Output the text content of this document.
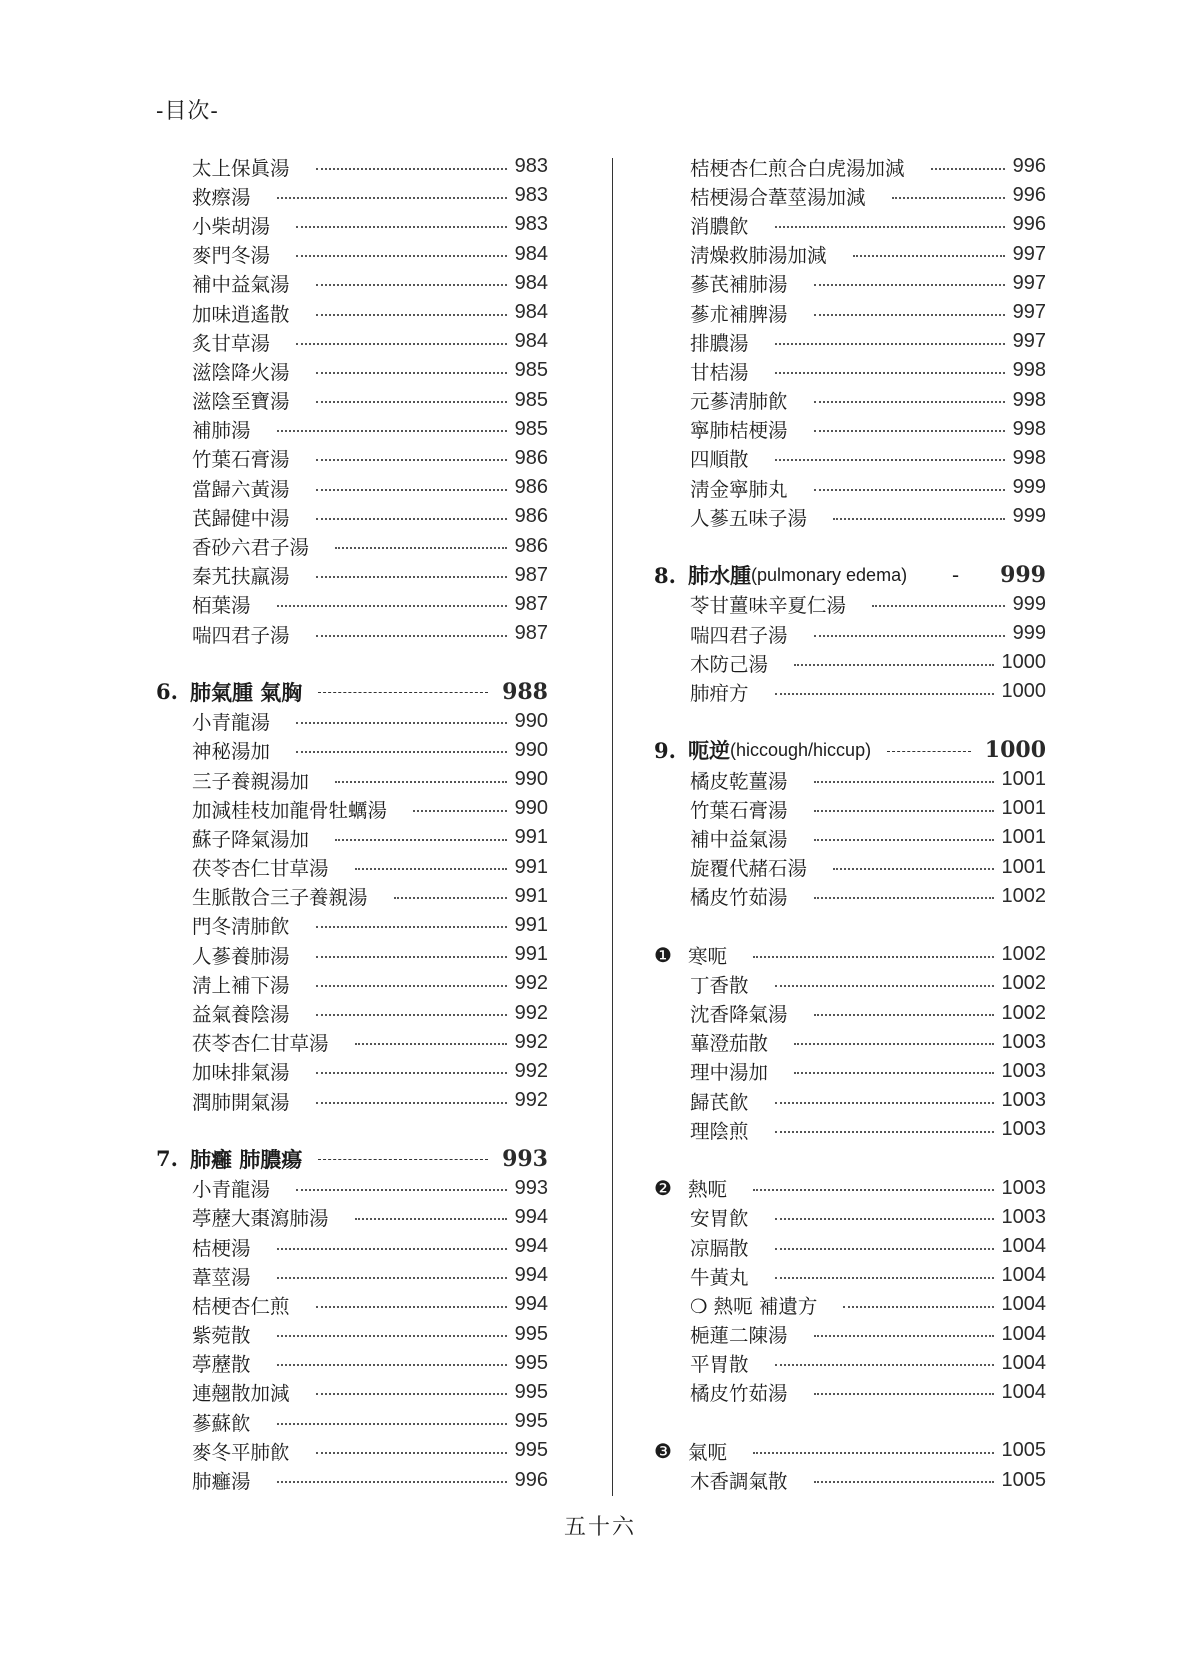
-目次-
太上保眞湯	983
救瘵湯	983
小柴胡湯	983
麥門冬湯	984
補中益氣湯	984
加味逍遙散	984
炙甘草湯	984
滋陰降火湯	985
滋陰至寶湯	985
補肺湯	985
竹葉石膏湯	986
當歸六黃湯	986
芪歸健中湯	986
香砂六君子湯	986
秦艽扶羸湯	987
栢葉湯	987
喘四君子湯	987
6. 肺氣腫 氣胸	988
小青龍湯	990
神秘湯加	990
三子養親湯加	990
加減桂枝加龍骨牡蠣湯	990
蘇子降氣湯加	991
茯苓杏仁甘草湯	991
生脈散合三子養親湯	991
門冬淸肺飮	991
人蔘養肺湯	991
淸上補下湯	992
益氣養陰湯	992
茯苓杏仁甘草湯	992
加味排氣湯	992
潤肺開氣湯	992
7. 肺癰 肺膿瘍	993
小青龍湯	993
葶藶大棗瀉肺湯	994
桔梗湯	994
葦莖湯	994
桔梗杏仁煎	994
紫菀散	995
葶藶散	995
連翹散加減	995
蔘蘇飮	995
麥冬平肺飮	995
肺癰湯	996
桔梗杏仁煎合白虎湯加減	996
桔梗湯合葦莖湯加減	996
消膿飮	996
淸燥救肺湯加減	997
蔘芪補肺湯	997
蔘朮補脾湯	997
排膿湯	997
甘桔湯	998
元蔘淸肺飮	998
寧肺桔梗湯	998
四順散	998
淸金寧肺丸	999
人蔘五味子湯	999
8. 肺水腫 (pulmonary edema)	-	999
苓甘薑味辛夏仁湯	999
喘四君子湯	999
木防己湯	1000
肺疳方	1000
9. 呃逆 (hiccough/hiccup)	1000
橘皮乾薑湯	1001
竹葉石膏湯	1001
補中益氣湯	1001
旋覆代赭石湯	1001
橘皮竹茹湯	1002
❶ 寒呃	1002
丁香散	1002
沈香降氣湯	1002
蓽澄茄散	1003
理中湯加	1003
歸芪飮	1003
理陰煎	1003
❷ 熱呃	1003
安胃飮	1003
凉膈散	1004
牛黃丸	1004
❍ 熱呃 補遺方	1004
梔蓮二陳湯	1004
平胃散	1004
橘皮竹茹湯	1004
❸ 氣呃	1005
木香調氣散	1005
五十六
